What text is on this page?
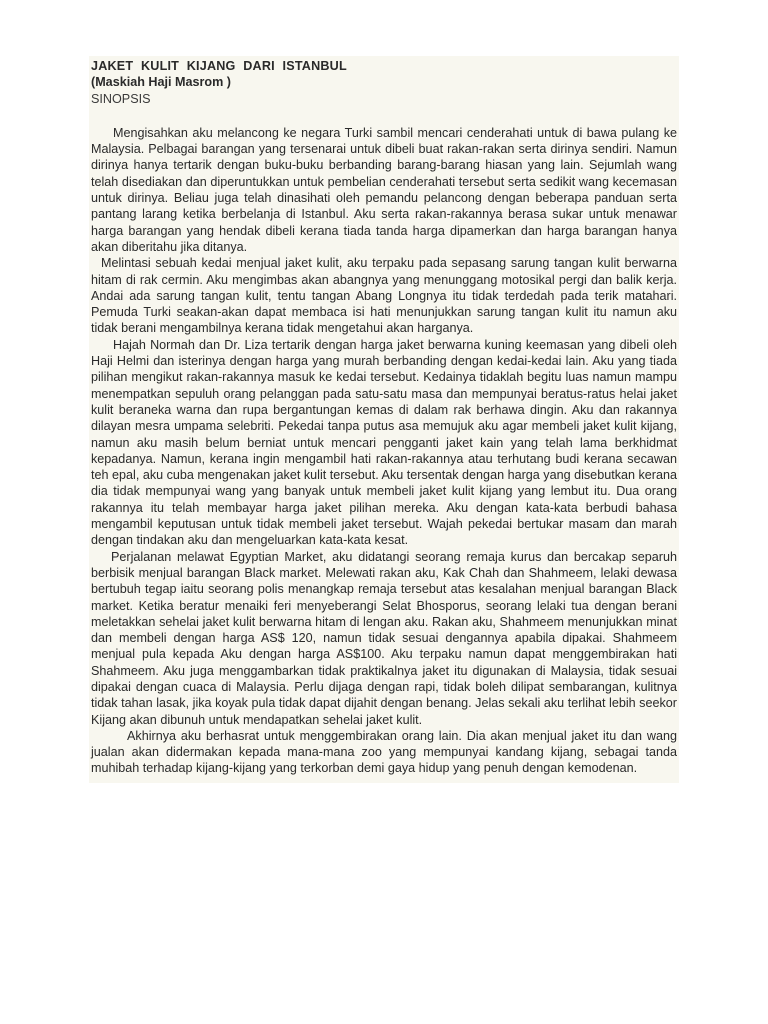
JAKET KULIT KIJANG DARI ISTANBUL

(Maskiah Haji Masrom )

SINOPSIS

Mengisahkan aku melancong ke negara Turki sambil mencari cenderahati untuk di bawa pulang ke Malaysia. Pelbagai barangan yang tersenarai untuk dibeli buat rakan-rakan serta dirinya sendiri. Namun dirinya hanya tertarik dengan buku-buku berbanding barang-barang hiasan yang lain. Sejumlah wang telah disediakan dan diperuntukkan untuk pembelian cenderahati tersebut serta sedikit wang kecemasan untuk dirinya. Beliau juga telah dinasihati oleh pemandu pelancong dengan beberapa panduan serta pantang larang ketika berbelanja di Istanbul. Aku serta rakan-rakannya berasa sukar untuk menawar harga barangan yang hendak dibeli kerana tiada tanda harga dipamerkan dan harga barangan hanya akan diberitahu jika ditanya.

Melintasi sebuah kedai menjual jaket kulit, aku terpaku pada sepasang sarung tangan kulit berwarna hitam di rak cermin. Aku mengimbas akan abangnya yang menunggang motosikal pergi dan balik kerja. Andai ada sarung tangan kulit, tentu tangan Abang Longnya itu tidak terdedah pada terik matahari. Pemuda Turki seakan-akan dapat membaca isi hati menunjukkan sarung tangan kulit itu namun aku tidak berani mengambilnya kerana tidak mengetahui akan harganya.

Hajah Normah dan Dr. Liza tertarik dengan harga jaket berwarna kuning keemasan yang dibeli oleh Haji Helmi dan isterinya dengan harga yang murah berbanding dengan kedai-kedai lain. Aku yang tiada pilihan mengikut rakan-rakannya masuk ke kedai tersebut. Kedainya tidaklah begitu luas namun mampu menempatkan sepuluh orang pelanggan pada satu-satu masa dan mempunyai beratus-ratus helai jaket kulit beraneka warna dan rupa bergantungan kemas di dalam rak berhawa dingin. Aku dan rakannya dilayan mesra umpama selebriti. Pekedai tanpa putus asa memujuk aku agar membeli jaket kulit kijang, namun aku masih belum berniat untuk mencari pengganti jaket kain yang telah lama berkhidmat kepadanya. Namun, kerana ingin mengambil hati rakan-rakannya atau terhutang budi kerana secawan teh epal, aku cuba mengenakan jaket kulit tersebut. Aku tersentak dengan harga yang disebutkan kerana dia tidak mempunyai wang yang banyak untuk membeli jaket kulit kijang yang lembut itu. Dua orang rakannya itu telah membayar harga jaket pilihan mereka. Aku dengan kata-kata berbudi bahasa mengambil keputusan untuk tidak membeli jaket tersebut. Wajah pekedai bertukar masam dan marah dengan tindakan aku dan mengeluarkan kata-kata kesat.

Perjalanan melawat Egyptian Market, aku didatangi seorang remaja kurus dan bercakap separuh berbisik menjual barangan Black market. Melewati rakan aku, Kak Chah dan Shahmeem, lelaki dewasa bertubuh tegap iaitu seorang polis menangkap remaja tersebut atas kesalahan menjual barangan Black market. Ketika beratur menaiki feri menyeberangi Selat Bhosporus, seorang lelaki tua dengan berani meletakkan sehelai jaket kulit berwarna hitam di lengan aku. Rakan aku, Shahmeem menunjukkan minat dan membeli dengan harga AS$ 120, namun tidak sesuai dengannya apabila dipakai. Shahmeem menjual pula kepada Aku dengan harga AS$100. Aku terpaku namun dapat menggembirakan hati Shahmeem. Aku juga menggambarkan tidak praktikalnya jaket itu digunakan di Malaysia, tidak sesuai dipakai dengan cuaca di Malaysia. Perlu dijaga dengan rapi, tidak boleh dilipat sembarangan, kulitnya tidak tahan lasak, jika koyak pula tidak dapat dijahit dengan benang. Jelas sekali aku terlihat lebih seekor Kijang akan dibunuh untuk mendapatkan sehelai jaket kulit.

Akhirnya aku berhasrat untuk menggembirakan orang lain. Dia akan menjual jaket itu dan wang jualan akan didermakan kepada mana-mana zoo yang mempunyai kandang kijang, sebagai tanda muhibah terhadap kijang-kijang yang terkorban demi gaya hidup yang penuh dengan kemodenan.
